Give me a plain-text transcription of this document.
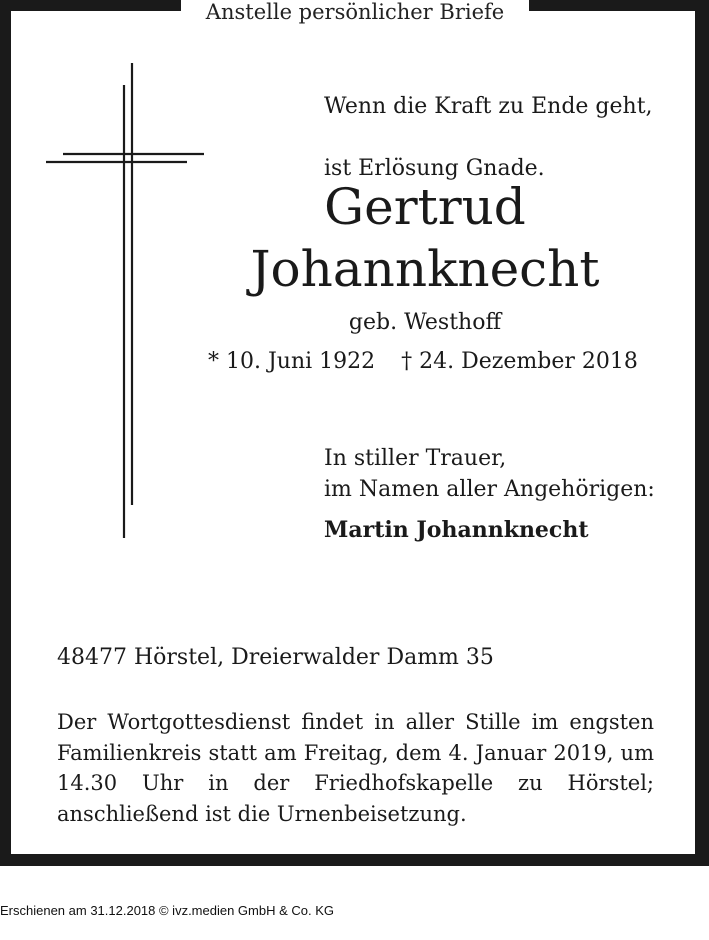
Anstelle persönlicher Briefe

Wenn die Kraft zu Ende geht,

ist Erlösung Gnade.

Gertrud
Johannknecht
geb. Westhoff
* 10. Juni 1922 † 24. Dezember 2018
In stiller Trauer,
im Namen aller Angehörigen:
Martin Johannknecht
48477 Hörstel, Dreierwalder Damm 35
Der Wortgottesdienst findet in aller Stille im engsten Familienkreis statt am Freitag, dem 4. Januar 2019, um 14.30 Uhr in der Friedhofskapelle zu Hörstel; anschließend ist die Urnenbeisetzung.
Erschienen am 31.12.2018 © ivz.medien GmbH & Co. KG
